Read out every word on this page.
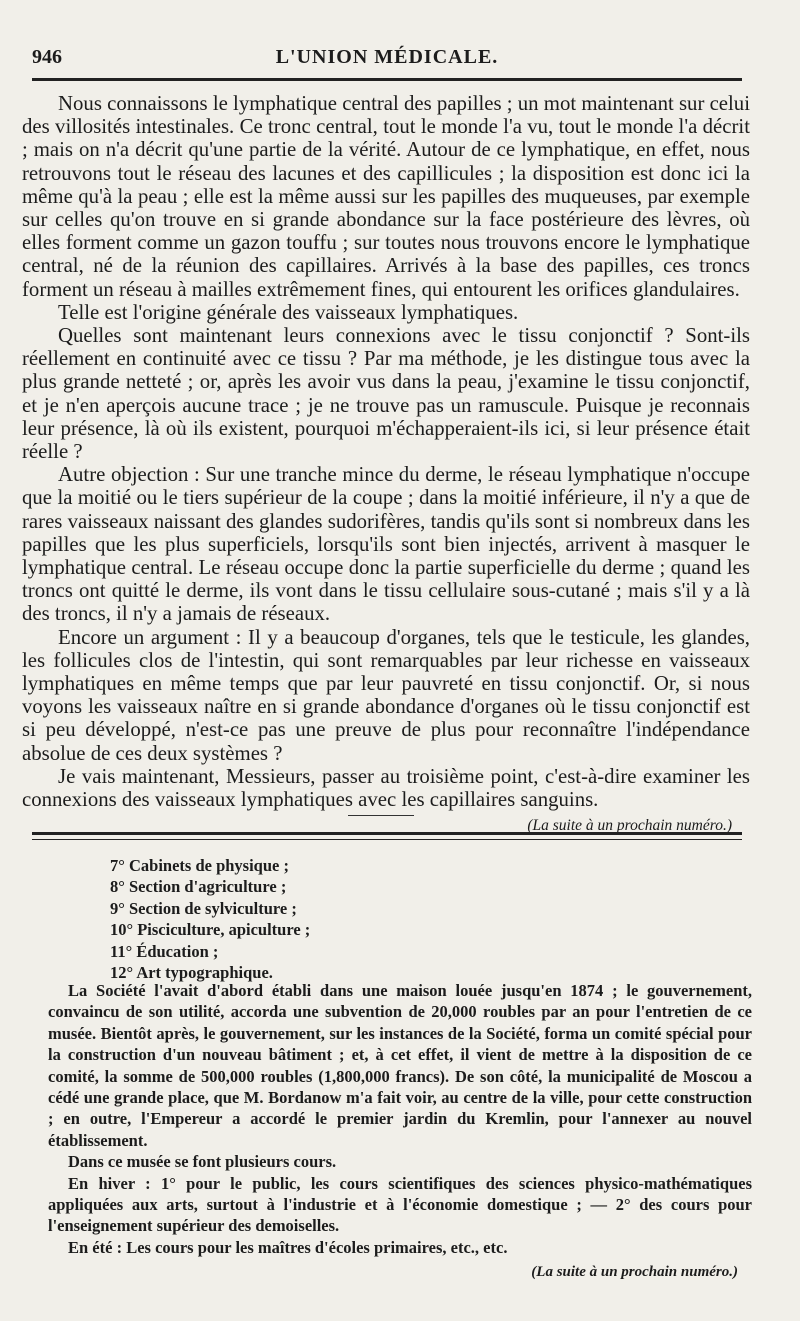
946	L'UNION MÉDICALE.

Nous connaissons le lymphatique central des papilles ; un mot maintenant sur celui des villosités intestinales. Ce tronc central, tout le monde l'a vu, tout le monde l'a décrit ; mais on n'a décrit qu'une partie de la vérité. Autour de ce lymphatique, en effet, nous retrouvons tout le réseau des lacunes et des capillicules ; la disposition est donc ici la même qu'à la peau ; elle est la même aussi sur les papilles des muqueuses, par exemple sur celles qu'on trouve en si grande abondance sur la face postérieure des lèvres, où elles forment comme un gazon touffu ; sur toutes nous trouvons encore le lymphatique central, né de la réunion des capillaires. Arrivés à la base des papilles, ces troncs forment un réseau à mailles extrêmement fines, qui entourent les orifices glandulaires.

Telle est l'origine générale des vaisseaux lymphatiques.

Quelles sont maintenant leurs connexions avec le tissu conjonctif ? Sont-ils réellement en continuité avec ce tissu ? Par ma méthode, je les distingue tous avec la plus grande netteté ; or, après les avoir vus dans la peau, j'examine le tissu conjonctif, et je n'en aperçois aucune trace ; je ne trouve pas un ramuscule. Puisque je reconnais leur présence, là où ils existent, pourquoi m'échapperaient-ils ici, si leur présence était réelle ?

Autre objection : Sur une tranche mince du derme, le réseau lymphatique n'occupe que la moitié ou le tiers supérieur de la coupe ; dans la moitié inférieure, il n'y a que de rares vaisseaux naissant des glandes sudorifères, tandis qu'ils sont si nombreux dans les papilles que les plus superficiels, lorsqu'ils sont bien injectés, arrivent à masquer le lymphatique central. Le réseau occupe donc la partie superficielle du derme ; quand les troncs ont quitté le derme, ils vont dans le tissu cellulaire sous-cutané ; mais s'il y a là des troncs, il n'y a jamais de réseaux.

Encore un argument : Il y a beaucoup d'organes, tels que le testicule, les glandes, les follicules clos de l'intestin, qui sont remarquables par leur richesse en vaisseaux lymphatiques en même temps que par leur pauvreté en tissu conjonctif. Or, si nous voyons les vaisseaux naître en si grande abondance d'organes où le tissu conjonctif est si peu développé, n'est-ce pas une preuve de plus pour reconnaître l'indépendance absolue de ces deux systèmes ?

Je vais maintenant, Messieurs, passer au troisième point, c'est-à-dire examiner les connexions des vaisseaux lymphatiques avec les capillaires sanguins.

(La suite à un prochain numéro.)
7° Cabinets de physique ;
8° Section d'agriculture ;
9° Section de sylviculture ;
10° Pisciculture, apiculture ;
11° Éducation ;
12° Art typographique.

La Société l'avait d'abord établi dans une maison louée jusqu'en 1874 ; le gouvernement, convaincu de son utilité, accorda une subvention de 20,000 roubles par an pour l'entretien de ce musée. Bientôt après, le gouvernement, sur les instances de la Société, forma un comité spécial pour la construction d'un nouveau bâtiment ; et, à cet effet, il vient de mettre à la disposition de ce comité, la somme de 500,000 roubles (1,800,000 francs). De son côté, la municipalité de Moscou a cédé une grande place, que M. Bordanow m'a fait voir, au centre de la ville, pour cette construction ; en outre, l'Empereur a accordé le premier jardin du Kremlin, pour l'annexer au nouvel établissement.

Dans ce musée se font plusieurs cours.

En hiver : 1° pour le public, les cours scientifiques des sciences physico-mathématiques appliquées aux arts, surtout à l'industrie et à l'économie domestique ; — 2° des cours pour l'enseignement supérieur des demoiselles.

En été : Les cours pour les maîtres d'écoles primaires, etc., etc.

(La suite à un prochain numéro.)
